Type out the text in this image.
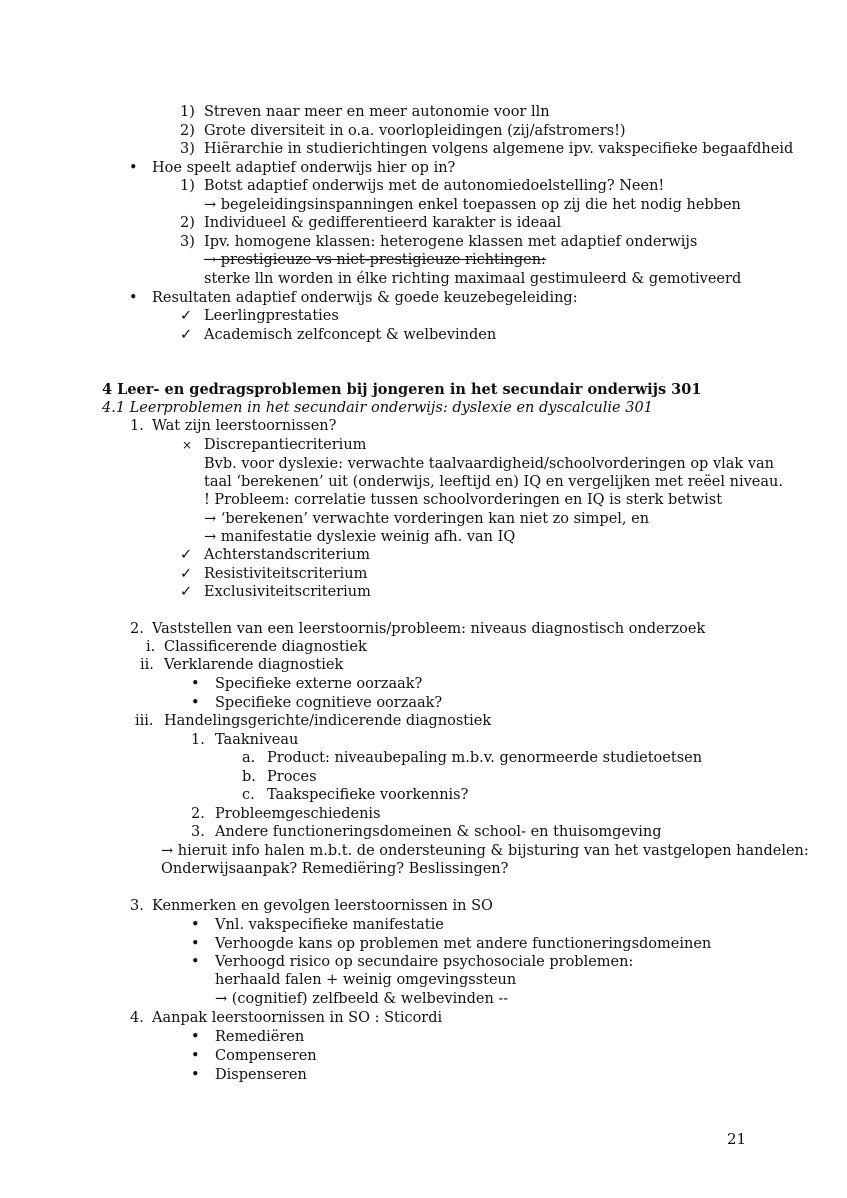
1) Streven naar meer en meer autonomie voor lln
2) Grote diversiteit in o.a. voorlopleidingen (zij/afstromers!)
3) Hiërarchie in studierichtingen volgens algemene ipv. vakspecifieke begaafdheid
• Hoe speelt adaptief onderwijs hier op in?
1) Botst adaptief onderwijs met de autonomiedoelstelling? Neen!
→ begeleidingsinspanningen enkel toepassen op zij die het nodig hebben
2) Individueel & gedifferentieerd karakter is ideaal
3) Ipv. homogene klassen: heterogene klassen met adaptief onderwijs
→ prestigieuze vs niet-prestigieuze richtingen:
sterke lln worden in élke richting maximaal gestimuleerd & gemotiveerd
• Resultaten adaptief onderwijs & goede keuzebegeleiding:
✓ Leerlingprestaties
✓ Academisch zelfconcept & welbevinden
4 Leer- en gedragsproblemen bij jongeren in het secundair onderwijs 301
4.1 Leerproblemen in het secundair onderwijs: dyslexie en dyscalculie 301
1. Wat zijn leerstoornissen?
× Discrepantiecriterium
Bvb. voor dyslexie: verwachte taalvaardigheid/schoolvorderingen op vlak van
taal ‘berekenen’ uit (onderwijs, leeftijd en) IQ en vergelijken met reëel niveau.
! Probleem: correlatie tussen schoolvorderingen en IQ is sterk betwist
→ ‘berekenen’ verwachte vorderingen kan niet zo simpel, en
→ manifestatie dyslexie weinig afh. van IQ
✓ Achterstandscriterium
✓ Resistiviteitscriterium
✓ Exclusiviteitscriterium
2. Vaststellen van een leerstoornis/probleem: niveaus diagnostisch onderzoek
i. Classificerende diagnostiek
ii. Verklarende diagnostiek
• Specifieke externe oorzaak?
• Specifieke cognitieve oorzaak?
iii. Handelingsgerichte/indicerende diagnostiek
1. Taakniveau
a. Product: niveaubepaling m.b.v. genormeerde studietoetsen
b. Proces
c. Taakspecifieke voorkennis?
2. Probleemgeschiedenis
3. Andere functioneringsdomeinen & school- en thuisomgeving
→ hieruit info halen m.b.t. de ondersteuning & bijsturing van het vastgelopen handelen:
Onderwijsaanpak? Remediëring? Beslissingen?
3. Kenmerken en gevolgen leerstoornissen in SO
• Vnl. vakspecifieke manifestatie
• Verhoogde kans op problemen met andere functioneringsdomeinen
• Verhoogd risico op secundaire psychosociale problemen:
herhaald falen + weinig omgevingssteun
→ (cognitief) zelfbeeld & welbevinden --
4. Aanpak leerstoornissen in SO : Sticordi
• Remediëren
• Compenseren
• Dispenseren
21
